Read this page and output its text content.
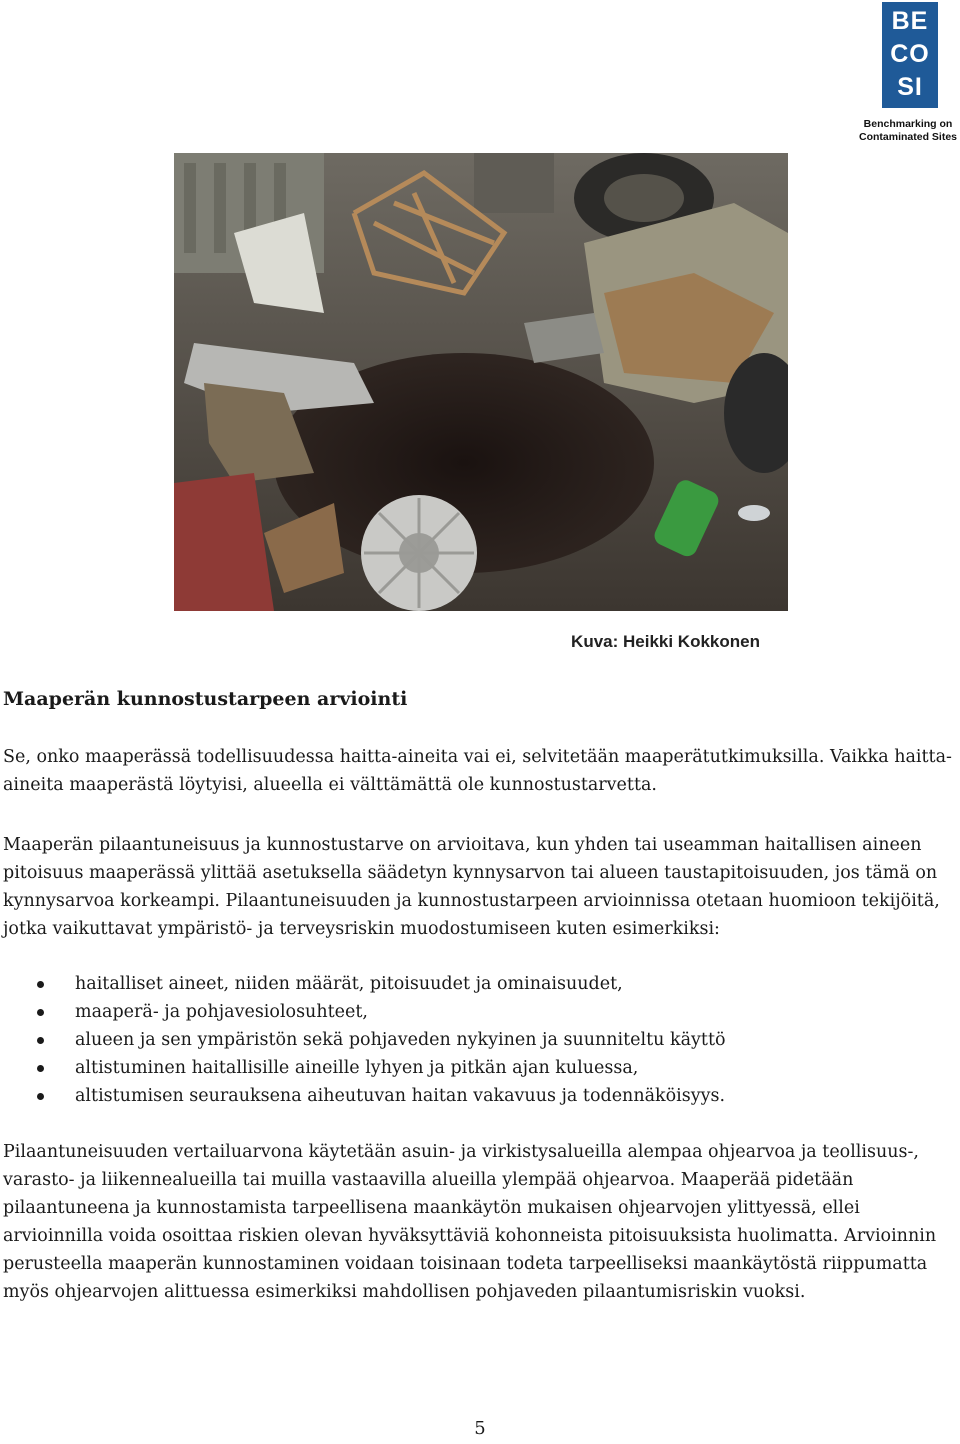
BE
CO
SI
Benchmarking on
Contaminated Sites
Kuva: Heikki Kokkonen
Maaperän kunnostustarpeen arviointi

Se, onko maaperässä todellisuudessa haitta-aineita vai ei, selvitetään maaperätutkimuksilla. Vaikka haitta-aineita maaperästä löytyisi, alueella ei välttämättä ole kunnostustarvetta.

Maaperän pilaantuneisuus ja kunnostustarve on arvioitava, kun yhden tai useamman haitallisen aineen pitoisuus maaperässä ylittää asetuksella säädetyn kynnysarvon tai alueen taustapitoisuuden, jos tämä on kynnysarvoa korkeampi. Pilaantuneisuuden ja kunnostustarpeen arvioinnissa otetaan huomioon tekijöitä, jotka vaikuttavat ympäristö- ja terveysriskin muodostumiseen kuten esimerkiksi:

haitalliset aineet, niiden määrät, pitoisuudet ja ominaisuudet,
maaperä- ja pohjavesiolosuhteet,
alueen ja sen ympäristön sekä pohjaveden nykyinen ja suunniteltu käyttö
altistuminen haitallisille aineille lyhyen ja pitkän ajan kuluessa,
altistumisen seurauksena aiheutuvan haitan vakavuus ja todennäköisyys.

Pilaantuneisuuden vertailuarvona käytetään asuin- ja virkistysalueilla alempaa ohjearvoa ja teollisuus-, varasto- ja liikennealueilla tai muilla vastaavilla alueilla ylempää ohjearvoa. Maaperää pidetään pilaantuneena ja kunnostamista tarpeellisena maankäytön mukaisen ohjearvojen ylittyessä, ellei arvioinnilla voida osoittaa riskien olevan hyväksyttäviä kohonneista pitoisuuksista huolimatta. Arvioinnin perusteella maaperän kunnostaminen voidaan toisinaan todeta tarpeelliseksi maankäytöstä riippumatta myös ohjearvojen alittuessa esimerkiksi mahdollisen pohjaveden pilaantumisriskin vuoksi.

5
